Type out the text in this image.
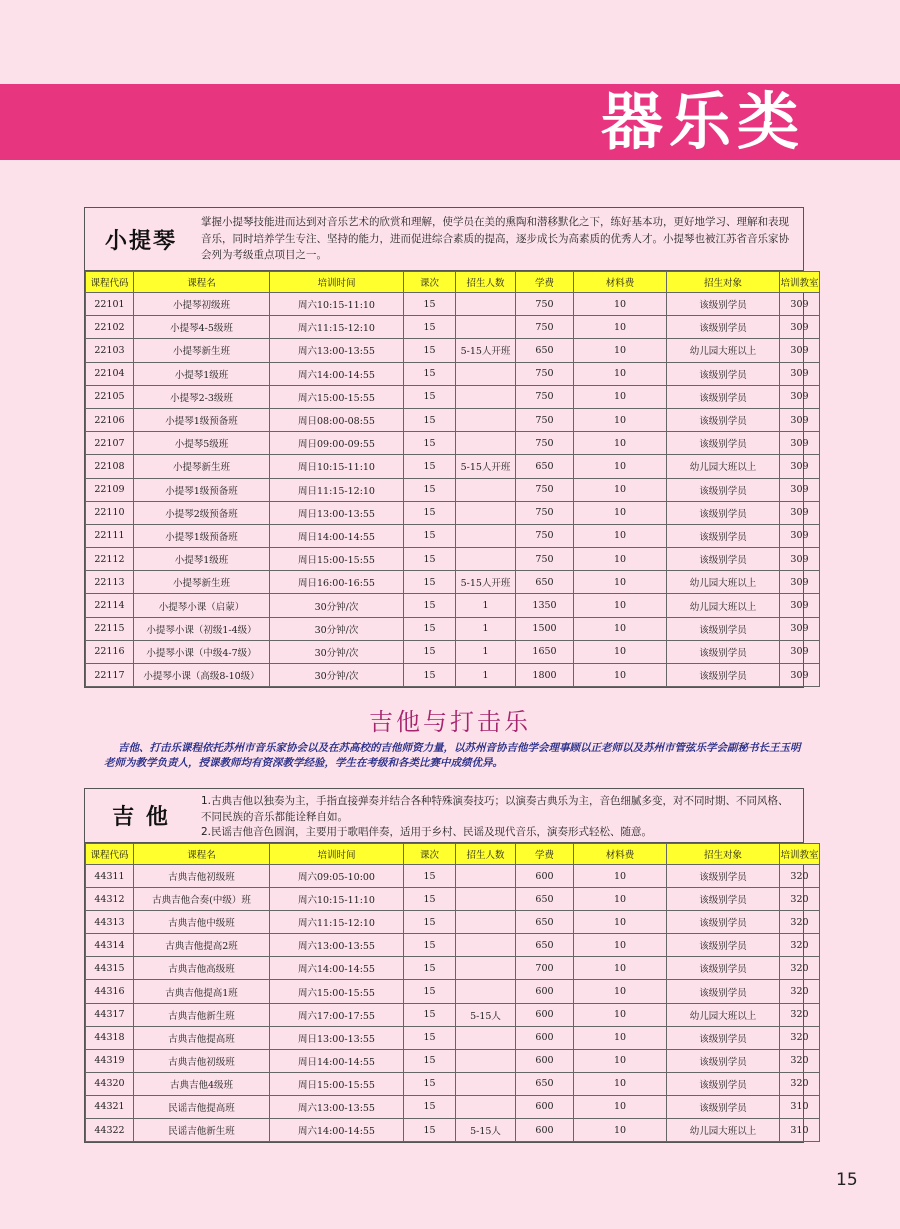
器乐类
小提琴
掌握小提琴技能进而达到对音乐艺术的欣赏和理解，使学员在美的熏陶和潜移默化之下，练好基本功，更好地学习、理解和表现音乐，同时培养学生专注、坚持的能力，进而促进综合素质的提高，逐步成长为高素质的优秀人才。小提琴也被江苏省音乐家协会列为考级重点项目之一。
课程代码	课程名	培训时间	课次	招生人数	学费	材料费	招生对象	培训教室
22101	小提琴初级班	周六10:15-11:10	15		750	10	该级别学员	309
22102	小提琴4-5级班	周六11:15-12:10	15		750	10	该级别学员	309
22103	小提琴新生班	周六13:00-13:55	15	5-15人开班	650	10	幼儿园大班以上	309
22104	小提琴1级班	周六14:00-14:55	15		750	10	该级别学员	309
22105	小提琴2-3级班	周六15:00-15:55	15		750	10	该级别学员	309
22106	小提琴1级预备班	周日08:00-08:55	15		750	10	该级别学员	309
22107	小提琴5级班	周日09:00-09:55	15		750	10	该级别学员	309
22108	小提琴新生班	周日10:15-11:10	15	5-15人开班	650	10	幼儿园大班以上	309
22109	小提琴1级预备班	周日11:15-12:10	15		750	10	该级别学员	309
22110	小提琴2级预备班	周日13:00-13:55	15		750	10	该级别学员	309
22111	小提琴1级预备班	周日14:00-14:55	15		750	10	该级别学员	309
22112	小提琴1级班	周日15:00-15:55	15		750	10	该级别学员	309
22113	小提琴新生班	周日16:00-16:55	15	5-15人开班	650	10	幼儿园大班以上	309
22114	小提琴小课（启蒙）	30分钟/次	15	1	1350	10	幼儿园大班以上	309
22115	小提琴小课（初级1-4级）	30分钟/次	15	1	1500	10	该级别学员	309
22116	小提琴小课（中级4-7级）	30分钟/次	15	1	1650	10	该级别学员	309
22117	小提琴小课（高级8-10级）	30分钟/次	15	1	1800	10	该级别学员	309
吉他与打击乐
吉他、打击乐课程依托苏州市音乐家协会以及在苏高校的吉他师资力量，以苏州音协吉他学会理事顾以正老师以及苏州市管弦乐学会副秘书长王玉明老师为教学负责人，授课教师均有资深教学经验，学生在考级和各类比赛中成绩优异。
吉 他
1.古典吉他以独奏为主，手指直接弹奏并结合各种特殊演奏技巧；以演奏古典乐为主，音色细腻多变，对不同时期、不同风格、不同民族的音乐都能诠释自如。
2.民谣吉他音色圆润，主要用于歌唱伴奏，适用于乡村、民谣及现代音乐，演奏形式轻松、随意。
课程代码	课程名	培训时间	课次	招生人数	学费	材料费	招生对象	培训教室
44311	古典吉他初级班	周六09:05-10:00	15		600	10	该级别学员	320
44312	古典吉他合奏(中级）班	周六10:15-11:10	15		650	10	该级别学员	320
44313	古典吉他中级班	周六11:15-12:10	15		650	10	该级别学员	320
44314	古典吉他提高2班	周六13:00-13:55	15		650	10	该级别学员	320
44315	古典吉他高级班	周六14:00-14:55	15		700	10	该级别学员	320
44316	古典吉他提高1班	周六15:00-15:55	15		600	10	该级别学员	320
44317	古典吉他新生班	周六17:00-17:55	15	5-15人	600	10	幼儿园大班以上	320
44318	古典吉他提高班	周日13:00-13:55	15		600	10	该级别学员	320
44319	古典吉他初级班	周日14:00-14:55	15		600	10	该级别学员	320
44320	古典吉他4级班	周日15:00-15:55	15		650	10	该级别学员	320
44321	民谣吉他提高班	周六13:00-13:55	15		600	10	该级别学员	310
44322	民谣吉他新生班	周六14:00-14:55	15	5-15人	600	10	幼儿园大班以上	310
15
